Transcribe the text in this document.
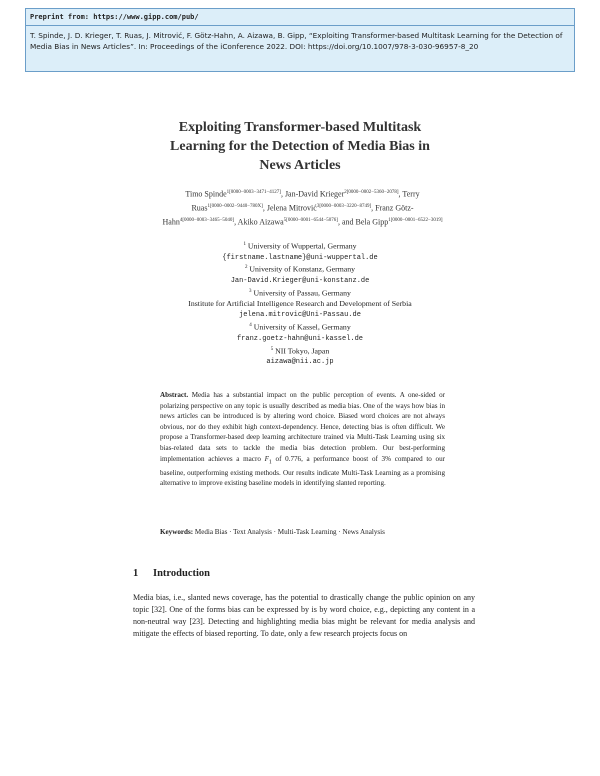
Preprint from: https://www.gipp.com/pub/
T. Spinde, J. D. Krieger, T. Ruas, J. Mitrović, F. Götz-Hahn, A. Aizawa, B. Gipp, “Exploiting Transformer-based Multitask Learning for the Detection of Media Bias in News Articles”. In: Proceedings of the iConference 2022. DOI: https://doi.org/10.1007/978-3-030-96957-8_20
Exploiting Transformer-based Multitask
Learning for the Detection of Media Bias in
News Articles
Timo Spinde$^{1[0000-0003-3471-4127]}$, Jan-David Krieger$^{2[0000-0002-5360-2078]}$, Terry Ruas$^{1[0000-0002-9440-780X]}$, Jelena Mitrović$^{3[0000-0003-3220-8749]}$, Franz Götz-Hahn$^{4[0000-0003-3465-5040]}$, Akiko Aizawa$^{5[0000-0001-6544-5076]}$, and Bela Gipp$^{1[0000-0001-6522-3019]}$
$^1$ University of Wuppertal, Germany
{firstname.lastname}@uni-wuppertal.de
$^2$ University of Konstanz, Germany
Jan-David.Krieger@uni-konstanz.de
$^3$ University of Passau, Germany
Institute for Artificial Intelligence Research and Development of Serbia
jelena.mitrovic@Uni-Passau.de
$^4$ University of Kassel, Germany
franz.goetz-hahn@uni-kassel.de
$^5$ NII Tokyo, Japan
aizawa@nii.ac.jp
Abstract. Media has a substantial impact on the public perception of events. A one-sided or polarizing perspective on any topic is usually described as media bias. One of the ways how bias in news articles can be introduced is by altering word choice. Biased word choices are not always obvious, nor do they exhibit high context-dependency. Hence, detecting bias is often difficult. We propose a Transformer-based deep learning architecture trained via Multi-Task Learning using six bias-related data sets to tackle the media bias detection problem. Our best-performing implementation achieves a macro $F_1$ of 0.776, a performance boost of 3% compared to our baseline, outperforming existing methods. Our results indicate Multi-Task Learning as a promising alternative to improve existing baseline models in identifying slanted reporting.
Keywords: Media Bias · Text Analysis · Multi-Task Learning · News Analysis
1 Introduction
Media bias, i.e., slanted news coverage, has the potential to drastically change the public opinion on any topic [32]. One of the forms bias can be expressed by is by word choice, e.g., depicting any content in a non-neutral way [23]. Detecting and highlighting media bias might be relevant for media analysis and mitigate the effects of biased reporting. To date, only a few research projects focus on
